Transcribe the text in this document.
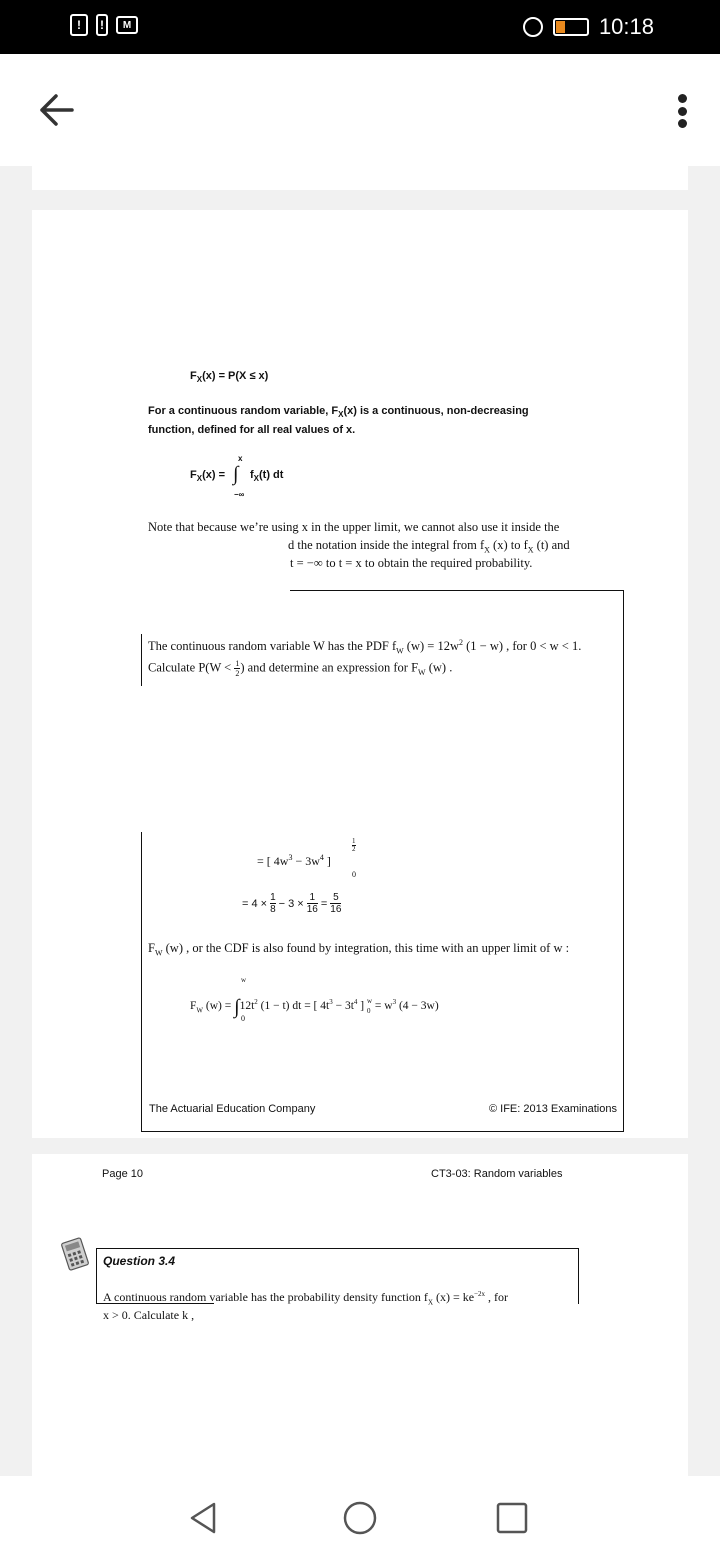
!	!	M	10:18
$F_X(x) = P(X \le x)$
For a continuous random variable, $F_X(x)$ is a continuous, non-decreasing
function, defined for all real values of x.
x
$F_X(x)$ = ∫ $f_X(t)$ dt
−∞
Note that because we’re using x in the upper limit, we cannot also use it inside the
d the notation inside the integral from $f_X$ (x) to $f_X$ (t) and
t = −∞ to t = x to obtain the required probability.
The continuous random variable W has the PDF $f_W$ $(w) = 12w^2$ (1 − w) , for 0 < w < 1.
Calculate $P(W < \frac{1}{2}$ ) and determine an expression for $F_W$ (w) .
= [ $4w^3 - 3w^4$ ]
1
2
0
= $4 \times \frac{1}{8} - 3 \times \frac{1}{16} = \frac{5}{16}$
$F_W$ (w) , or the CDF is also found by integration, this time with an upper limit of w :
w
$F_W$ $(w) = \int 12t^2$ (1 − t) dt = [ $4t^3 - 3t^4$ ] w
$0 = w^3$ (4 − 3w)
0
The Actuarial Education Company	© IFE: 2013 Examinations
Page 10	CT3-03: Random variables
Question 3.4
A continuous random variable has the probability density function $f_X$ $(x) = ke^{-2x}$ , for
x > 0. Calculate k ,
